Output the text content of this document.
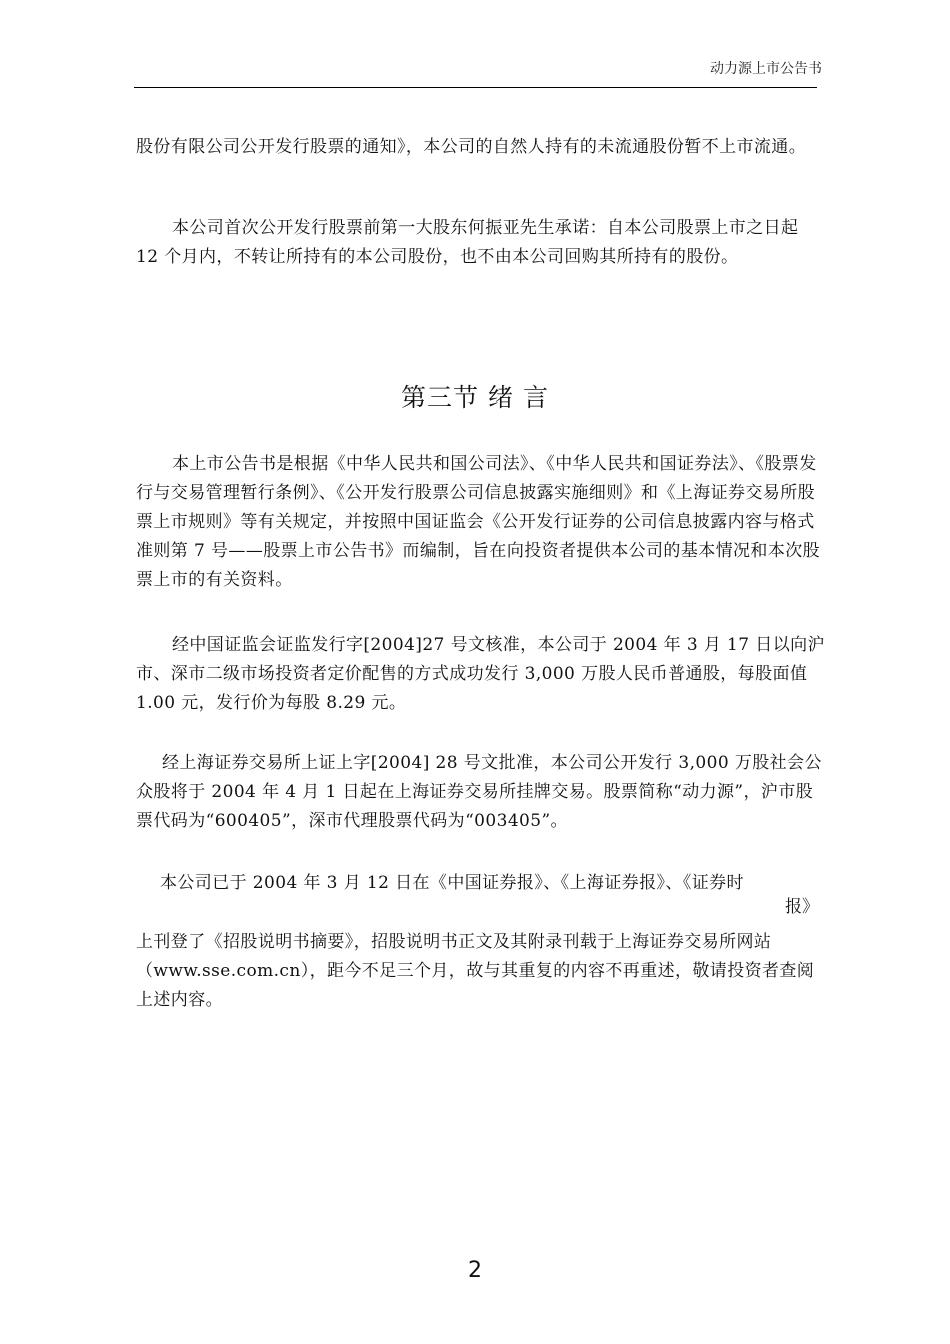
动力源上市公告书
股份有限公司公开发行股票的通知》，本公司的自然人持有的未流通股份暂不上市流通。
本公司首次公开发行股票前第一大股东何振亚先生承诺：自本公司股票上市之日起 12 个月内，不转让所持有的本公司股份，也不由本公司回购其所持有的股份。
第三节 绪 言
本上市公告书是根据《中华人民共和国公司法》、《中华人民共和国证券法》、《股票发行与交易管理暂行条例》、《公开发行股票公司信息披露实施细则》和《上海证券交易所股票上市规则》等有关规定，并按照中国证监会《公开发行证券的公司信息披露内容与格式准则第 7 号——股票上市公告书》而编制，旨在向投资者提供本公司的基本情况和本次股票上市的有关资料。
经中国证监会证监发行字[2004]27 号文核准，本公司于 2004 年 3 月 17 日以向沪市、深市二级市场投资者定价配售的方式成功发行 3,000 万股人民币普通股，每股面值 1.00 元，发行价为每股 8.29 元。
经上海证券交易所上证上字[2004] 28 号文批准，本公司公开发行 3,000 万股社会公众股将于 2004 年 4 月 1 日起在上海证券交易所挂牌交易。股票简称“动力源”，沪市股票代码为“600405”，深市代理股票代码为“003405”。
本公司已于 2004 年 3 月 12 日在《中国证券报》、《上海证券报》、《证券时
报》
上刊登了《招股说明书摘要》，招股说明书正文及其附录刊载于上海证券交易所网站（www.sse.com.cn），距今不足三个月，故与其重复的内容不再重述，敬请投资者查阅上述内容。
2
